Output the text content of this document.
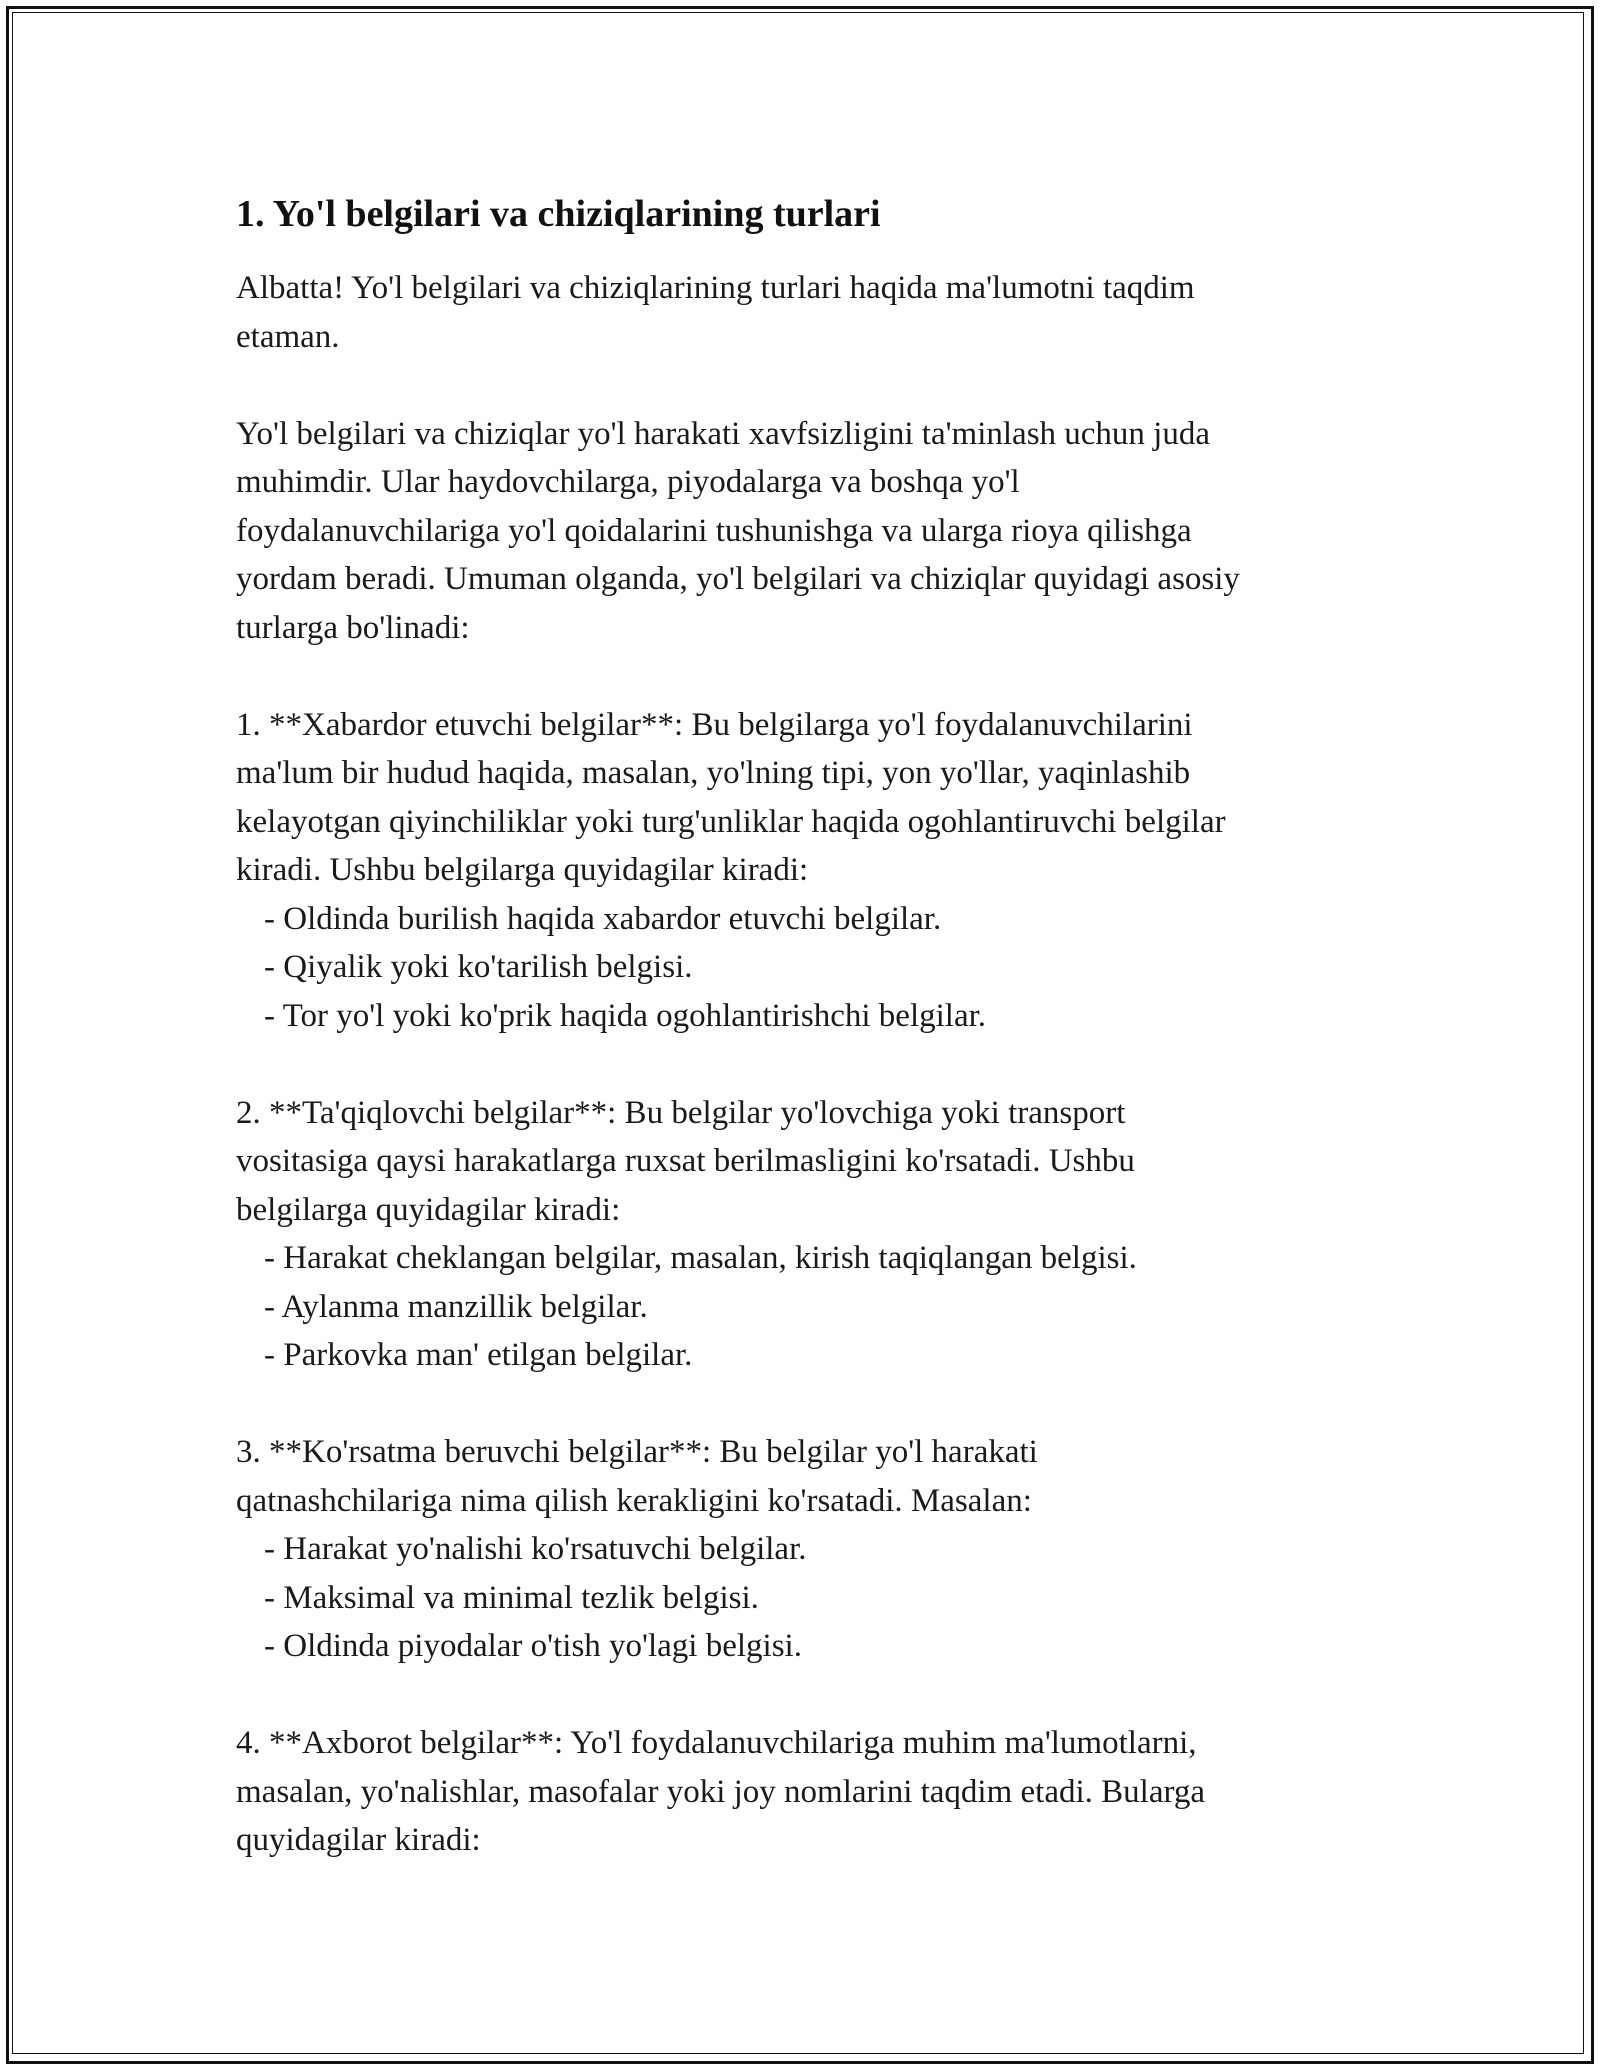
1. Yo'l belgilari va chiziqlarining turlari

Albatta! Yo'l belgilari va chiziqlarining turlari haqida ma'lumotni taqdim

etaman.

Yo'l belgilari va chiziqlar yo'l harakati xavfsizligini ta'minlash uchun juda

muhimdir. Ular haydovchilarga, piyodalarga va boshqa yo'l

foydalanuvchilariga yo'l qoidalarini tushunishga va ularga rioya qilishga

yordam beradi. Umuman olganda, yo'l belgilari va chiziqlar quyidagi asosiy

turlarga bo'linadi:

1. **Xabardor etuvchi belgilar**: Bu belgilarga yo'l foydalanuvchilarini

ma'lum bir hudud haqida, masalan, yo'lning tipi, yon yo'llar, yaqinlashib

kelayotgan qiyinchiliklar yoki turg'unliklar haqida ogohlantiruvchi belgilar

kiradi. Ushbu belgilarga quyidagilar kiradi:

- Oldinda burilish haqida xabardor etuvchi belgilar.

- Qiyalik yoki ko'tarilish belgisi.

- Tor yo'l yoki ko'prik haqida ogohlantirishchi belgilar.

2. **Ta'qiqlovchi belgilar**: Bu belgilar yo'lovchiga yoki transport

vositasiga qaysi harakatlarga ruxsat berilmasligini ko'rsatadi. Ushbu

belgilarga quyidagilar kiradi:

- Harakat cheklangan belgilar, masalan, kirish taqiqlangan belgisi.

- Aylanma manzillik belgilar.

- Parkovka man' etilgan belgilar.

3. **Ko'rsatma beruvchi belgilar**: Bu belgilar yo'l harakati

qatnashchilariga nima qilish kerakligini ko'rsatadi. Masalan:

- Harakat yo'nalishi ko'rsatuvchi belgilar.

- Maksimal va minimal tezlik belgisi.

- Oldinda piyodalar o'tish yo'lagi belgisi.

4. **Axborot belgilar**: Yo'l foydalanuvchilariga muhim ma'lumotlarni,

masalan, yo'nalishlar, masofalar yoki joy nomlarini taqdim etadi. Bularga

quyidagilar kiradi:
